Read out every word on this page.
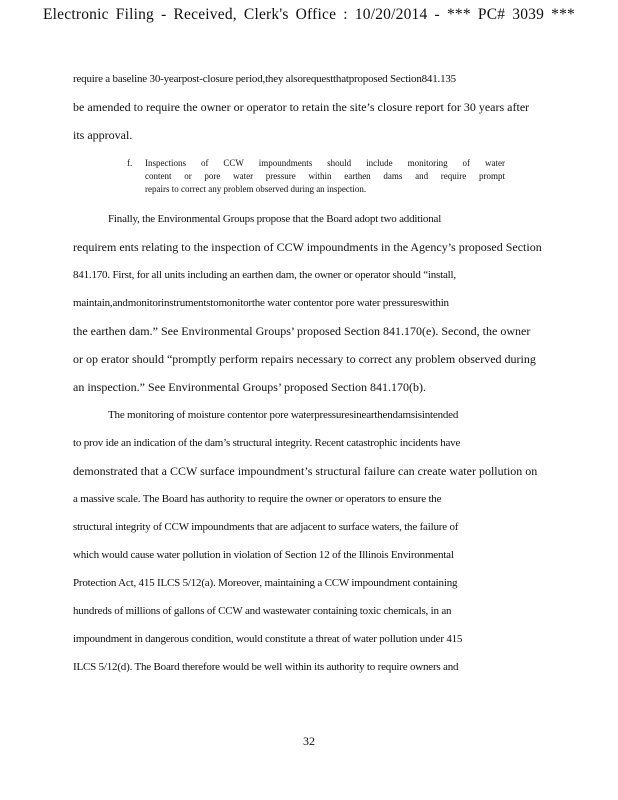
Electronic Filing - Received, Clerk's Office : 10/20/2014 - *** PC# 3039 ***
require a baseline 30-yearpost-closure period,they alsorequestthatproposed Section841.135
be amended to require the owner or operator to retain the site’s closure report for 30 years after
its approval.
f. Inspections of CCW impoundments should include monitoring of water
content or pore water pressure within earthen dams and require prompt
repairs to correct any problem observed during an inspection.
Finally, the Environmental Groups propose that the Board adopt two additional
requirem ents relating to the inspection of CCW impoundments in the Agency’s proposed Section
841.170. First, for all units including an earthen dam, the owner or operator should “install,
maintain,andmonitorinstrumentstomonitorthe water contentor pore water pressureswithin
the earthen dam.” See Environmental Groups’ proposed Section 841.170(e). Second, the owner
or op erator should “promptly perform repairs necessary to correct any problem observed during
an inspection.” See Environmental Groups’ proposed Section 841.170(b).
The monitoring of moisture contentor pore waterpressuresinearthendamsisintended
to prov ide an indication of the dam’s structural integrity. Recent catastrophic incidents have
demonstrated that a CCW surface impoundment’s structural failure can create water pollution on
a massive scale. The Board has authority to require the owner or operators to ensure the
structural integrity of CCW impoundments that are adjacent to surface waters, the failure of
which would cause water pollution in violation of Section 12 of the Illinois Environmental
Protection Act, 415 ILCS 5/12(a). Moreover, maintaining a CCW impoundment containing
hundreds of millions of gallons of CCW and wastewater containing toxic chemicals, in an
impoundment in dangerous condition, would constitute a threat of water pollution under 415
ILCS 5/12(d). The Board therefore would be well within its authority to require owners and
32
